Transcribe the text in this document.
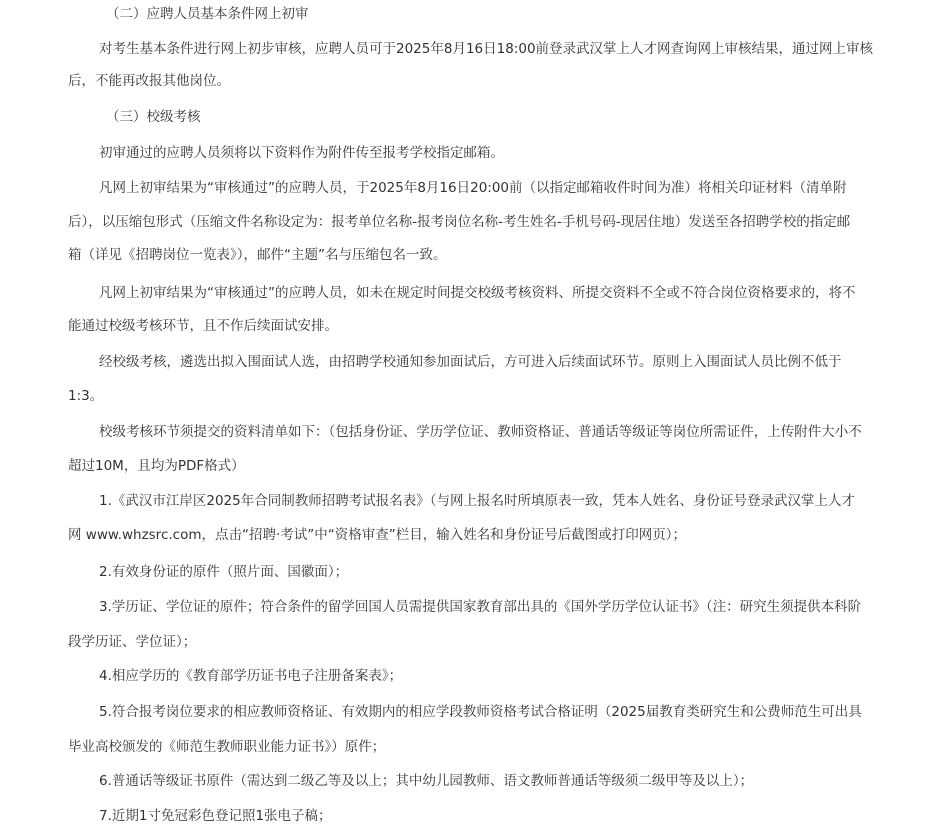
（二）应聘人员基本条件网上初审
对考生基本条件进行网上初步审核，应聘人员可于2025年8月16日18:00前登录武汉掌上人才网查询网上审核结果，通过网上审核
后，不能再改报其他岗位。
（三）校级考核
初审通过的应聘人员须将以下资料作为附件传至报考学校指定邮箱。
凡网上初审结果为“审核通过”的应聘人员，于2025年8月16日20:00前（以指定邮箱收件时间为准）将相关印证材料（清单附
后），以压缩包形式（压缩文件名称设定为：报考单位名称-报考岗位名称-考生姓名-手机号码-现居住地）发送至各招聘学校的指定邮
箱（详见《招聘岗位一览表》），邮件“主题”名与压缩包名一致。
凡网上初审结果为“审核通过”的应聘人员，如未在规定时间提交校级考核资料、所提交资料不全或不符合岗位资格要求的，将不
能通过校级考核环节，且不作后续面试安排。
经校级考核，遴选出拟入围面试人选，由招聘学校通知参加面试后，方可进入后续面试环节。原则上入围面试人员比例不低于
1:3。
校级考核环节须提交的资料清单如下：（包括身份证、学历学位证、教师资格证、普通话等级证等岗位所需证件，上传附件大小不
超过10M，且均为PDF格式）
1.《武汉市江岸区2025年合同制教师招聘考试报名表》（与网上报名时所填原表一致，凭本人姓名、身份证号登录武汉掌上人才
网 www.whzsrc.com，点击“招聘·考试”中“资格审查”栏目，输入姓名和身份证号后截图或打印网页）；
2.有效身份证的原件（照片面、国徽面）；
3.学历证、学位证的原件；符合条件的留学回国人员需提供国家教育部出具的《国外学历学位认证书》（注：研究生须提供本科阶
段学历证、学位证）；
4.相应学历的《教育部学历证书电子注册备案表》；
5.符合报考岗位要求的相应教师资格证、有效期内的相应学段教师资格考试合格证明（2025届教育类研究生和公费师范生可出具
毕业高校颁发的《师范生教师职业能力证书》）原件；
6.普通话等级证书原件（需达到二级乙等及以上；其中幼儿园教师、语文教师普通话等级须二级甲等及以上）；
7.近期1寸免冠彩色登记照1张电子稿；
